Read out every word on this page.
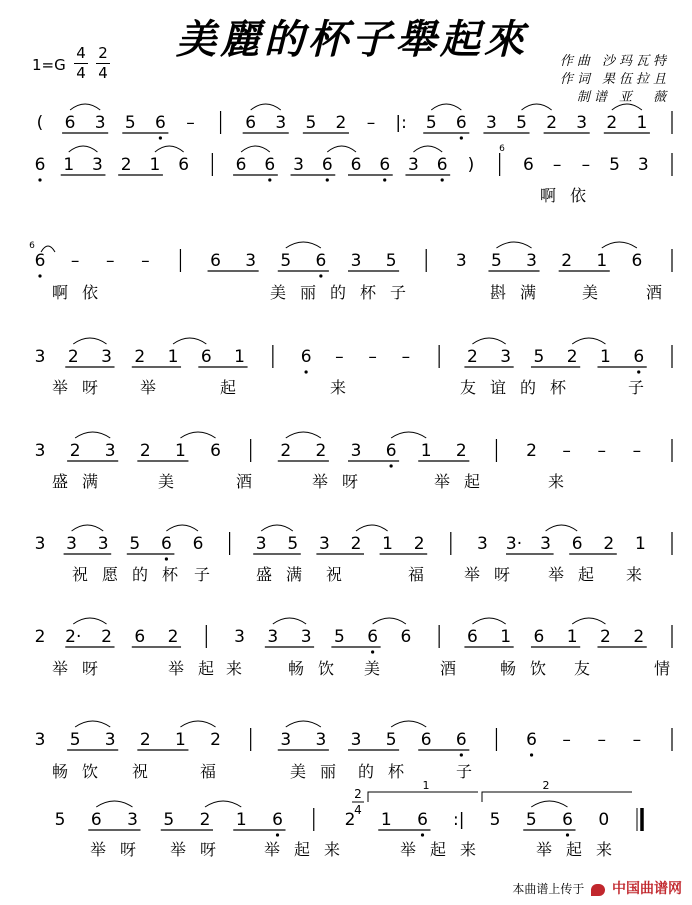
美麗的杯子舉起來
1=G
4
4
2
4
作曲 沙玛瓦特
作词 果伍拉且
制谱 亚　薇
( 6 3 5 6 –	6 3 5 2 – |: 5 6 3 5 2 3 2 1
6 1 3 2 1 6	6 6 3 6 6 6 3 6 )	6 – – 5 3
啊依
6 – – –	6 3 5 6 3 5	3 5 3 2 1 6
啊依	美丽的杯子	斟满 美 酒
3 2 3 2 1 6 1	6 – – –	2 3 5 2 1 6
举呀 举	起	来	友谊的杯	子
3 2 3 2 1 6	2 2 3 6 1 2	2 – – –
盛满	美	酒	举呀	举起	来
3 3 3 5 6 6	3 5 3 2 1 2	3 3· 3 6 2 1
祝愿的杯 子 盛满 祝	福 举呀 举起 来
2 2· 2 6 2	3 3 3 5 6 6	6 1 6 1 2 2
举呀	举起
来 畅饮 美	酒 畅饮 友	情
3 5 3 2 1 2	3 3 3 5 6 6	6 – – –
畅饮 祝 福	美丽 的杯 子
5 6 3 5 2 1 6	2 1 6 :| 5 5 6 0
举呀 举呀 举起来	举起来	举起来
6
6
1	2
2
4
本曲谱上传于 中国曲谱网
